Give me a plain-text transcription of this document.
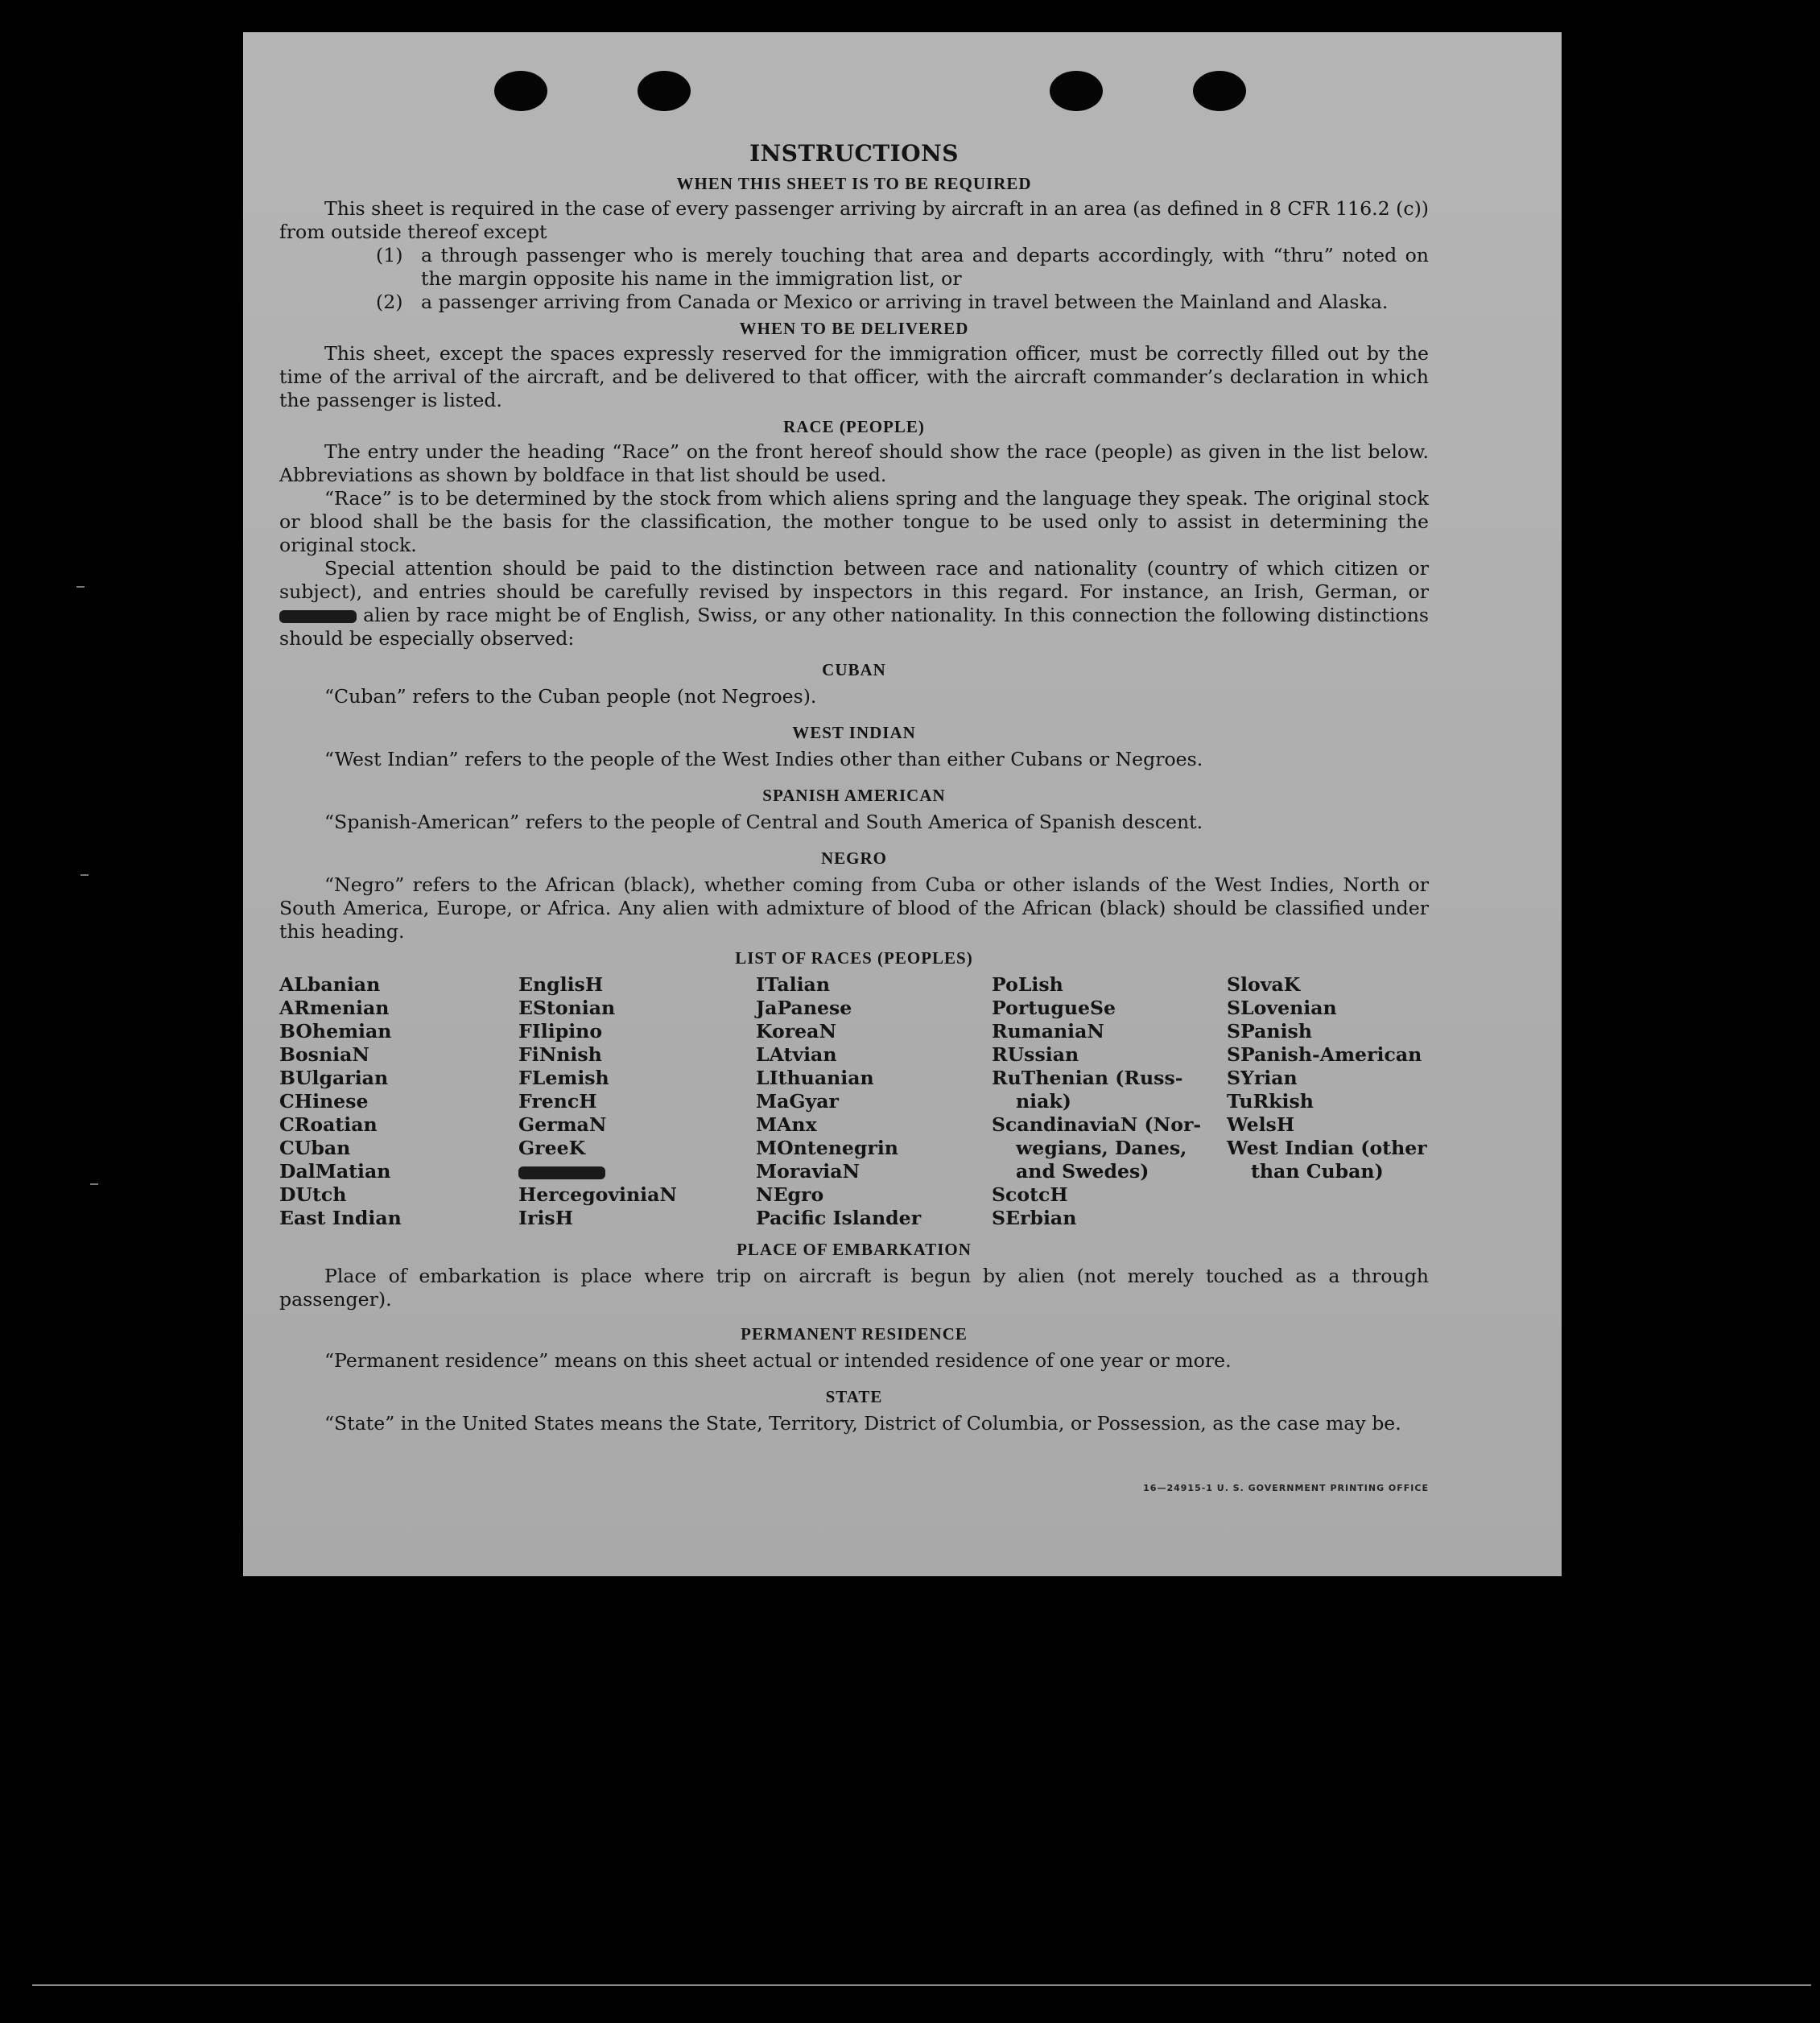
INSTRUCTIONS
WHEN THIS SHEET IS TO BE REQUIRED

This sheet is required in the case of every passenger arriving by aircraft in an area (as defined in 8 CFR 116.2 (c)) from outside thereof except

(1) a through passenger who is merely touching that area and departs accordingly, with “thru” noted on the margin opposite his name in the immigration list, or
(2) a passenger arriving from Canada or Mexico or arriving in travel between the Mainland and Alaska.
WHEN TO BE DELIVERED

This sheet, except the spaces expressly reserved for the immigration officer, must be correctly filled out by the time of the arrival of the aircraft, and be delivered to that officer, with the aircraft commander’s declaration in which the passenger is listed.

RACE (PEOPLE)

The entry under the heading “Race” on the front hereof should show the race (people) as given in the list below. Abbreviations as shown by boldface in that list should be used.

“Race” is to be determined by the stock from which aliens spring and the language they speak. The original stock or blood shall be the basis for the classification, the mother tongue to be used only to assist in determining the original stock.

Special attention should be paid to the distinction between race and nationality (country of which citizen or subject), and entries should be carefully revised by inspectors in this regard. For instance, an Irish, German, or  alien by race might be of English, Swiss, or any other nationality. In this connection the following distinctions should be especially observed:

CUBAN

“Cuban” refers to the Cuban people (not Negroes).

WEST INDIAN

“West Indian” refers to the people of the West Indies other than either Cubans or Negroes.

SPANISH AMERICAN

“Spanish-American” refers to the people of Central and South America of Spanish descent.

NEGRO

“Negro” refers to the African (black), whether coming from Cuba or other islands of the West Indies, North or South America, Europe, or Africa. Any alien with admixture of blood of the African (black) should be classified under this heading.

LIST OF RACES (PEOPLES)
ALbanian
ARmenian
BOhemian
BosniaN
BUlgarian
CHinese
CRoatian
CUban
DalMatian
DUtch
East Indian
EnglisH
EStonian
FIlipino
FiNnish
FLemish
FrencH
GermaN
GreeK
HercegoviniaN
IrisH
ITalian
JaPanese
KoreaN
LAtvian
LIthuanian
MaGyar
MAnx
MOntenegrin
MoraviaN
NEgro
Pacific Islander
PoLish
PortugueSe
RumaniaN
RUssian
RuThenian (Russ-
niak)
ScandinaviaN (Nor-
wegians, Danes,
and Swedes)
ScotcH
SErbian
SlovaK
SLovenian
SPanish
SPanish-American
SYrian
TuRkish
WelsH
West Indian (other
than Cuban)
PLACE OF EMBARKATION

Place of embarkation is place where trip on aircraft is begun by alien (not merely touched as a through passenger).

PERMANENT RESIDENCE

“Permanent residence” means on this sheet actual or intended residence of one year or more.

STATE

“State” in the United States means the State, Territory, District of Columbia, or Possession, as the case may be.

16—24915-1 U. S. GOVERNMENT PRINTING OFFICE
